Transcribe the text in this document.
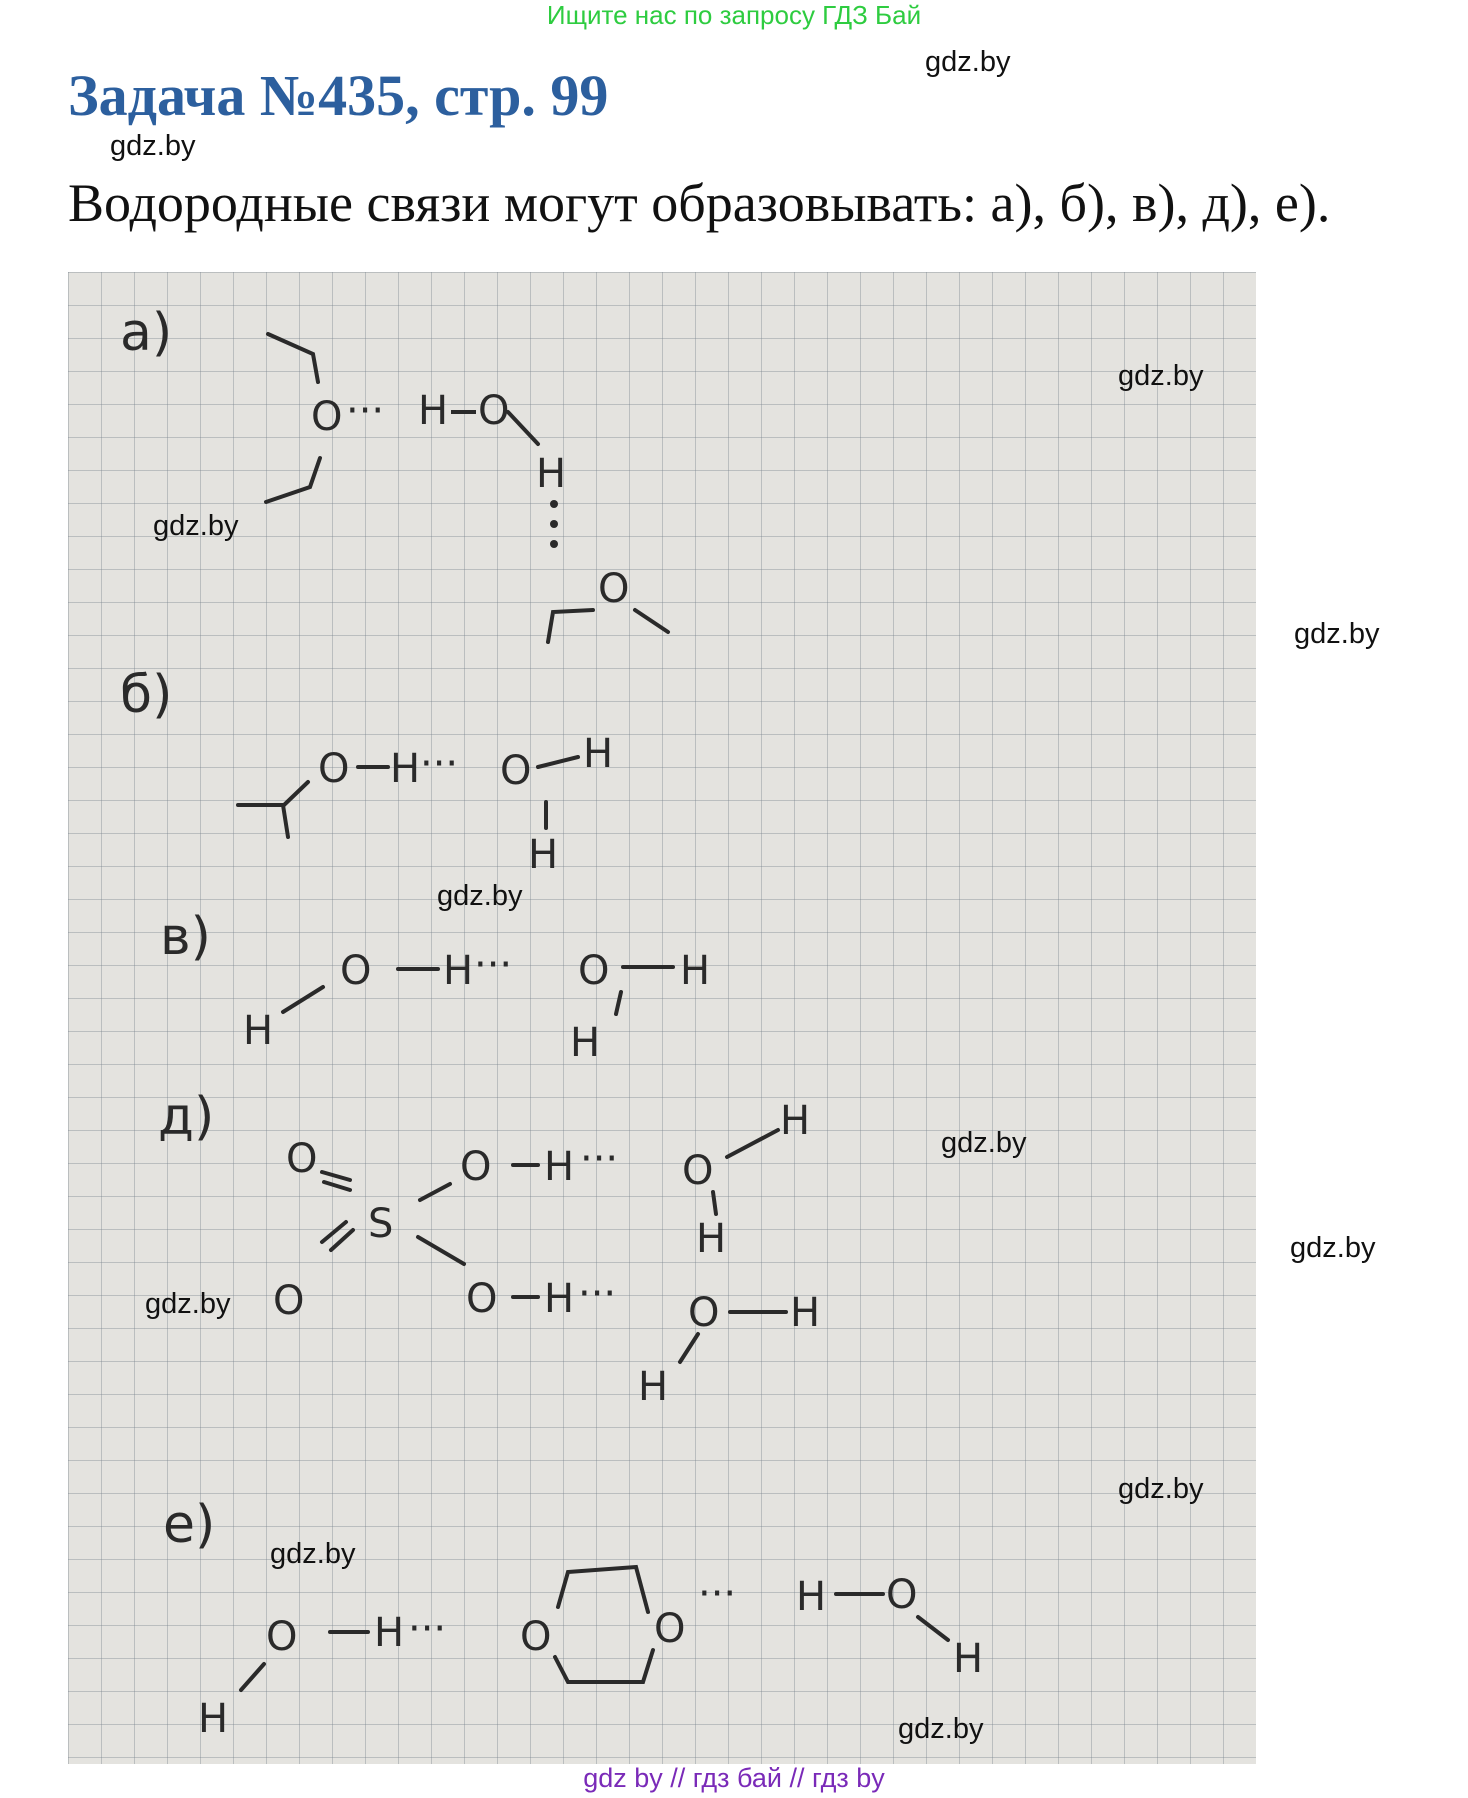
Ищите нас по запросу ГДЗ Бай
gdz.by
Задача №435, стр. 99
gdz.by
Водородные связи могут образовывать: а), б), в), д), е).
а)
O ··· H O
H
O
б)
O H ··· O H
H
в)
O H ··· O H
H	H
д)
O
S
O
O H ··· O
H
H
O H ··· O H
H
е)
O H ··· O	O
··· H O
H
H
gdz.by
gdz.by
gdz.by
gdz.by
gdz.by
gdz.by
gdz.by
gdz.by
gdz.by
gdz.by
gdz by // гдз бай // гдз by
